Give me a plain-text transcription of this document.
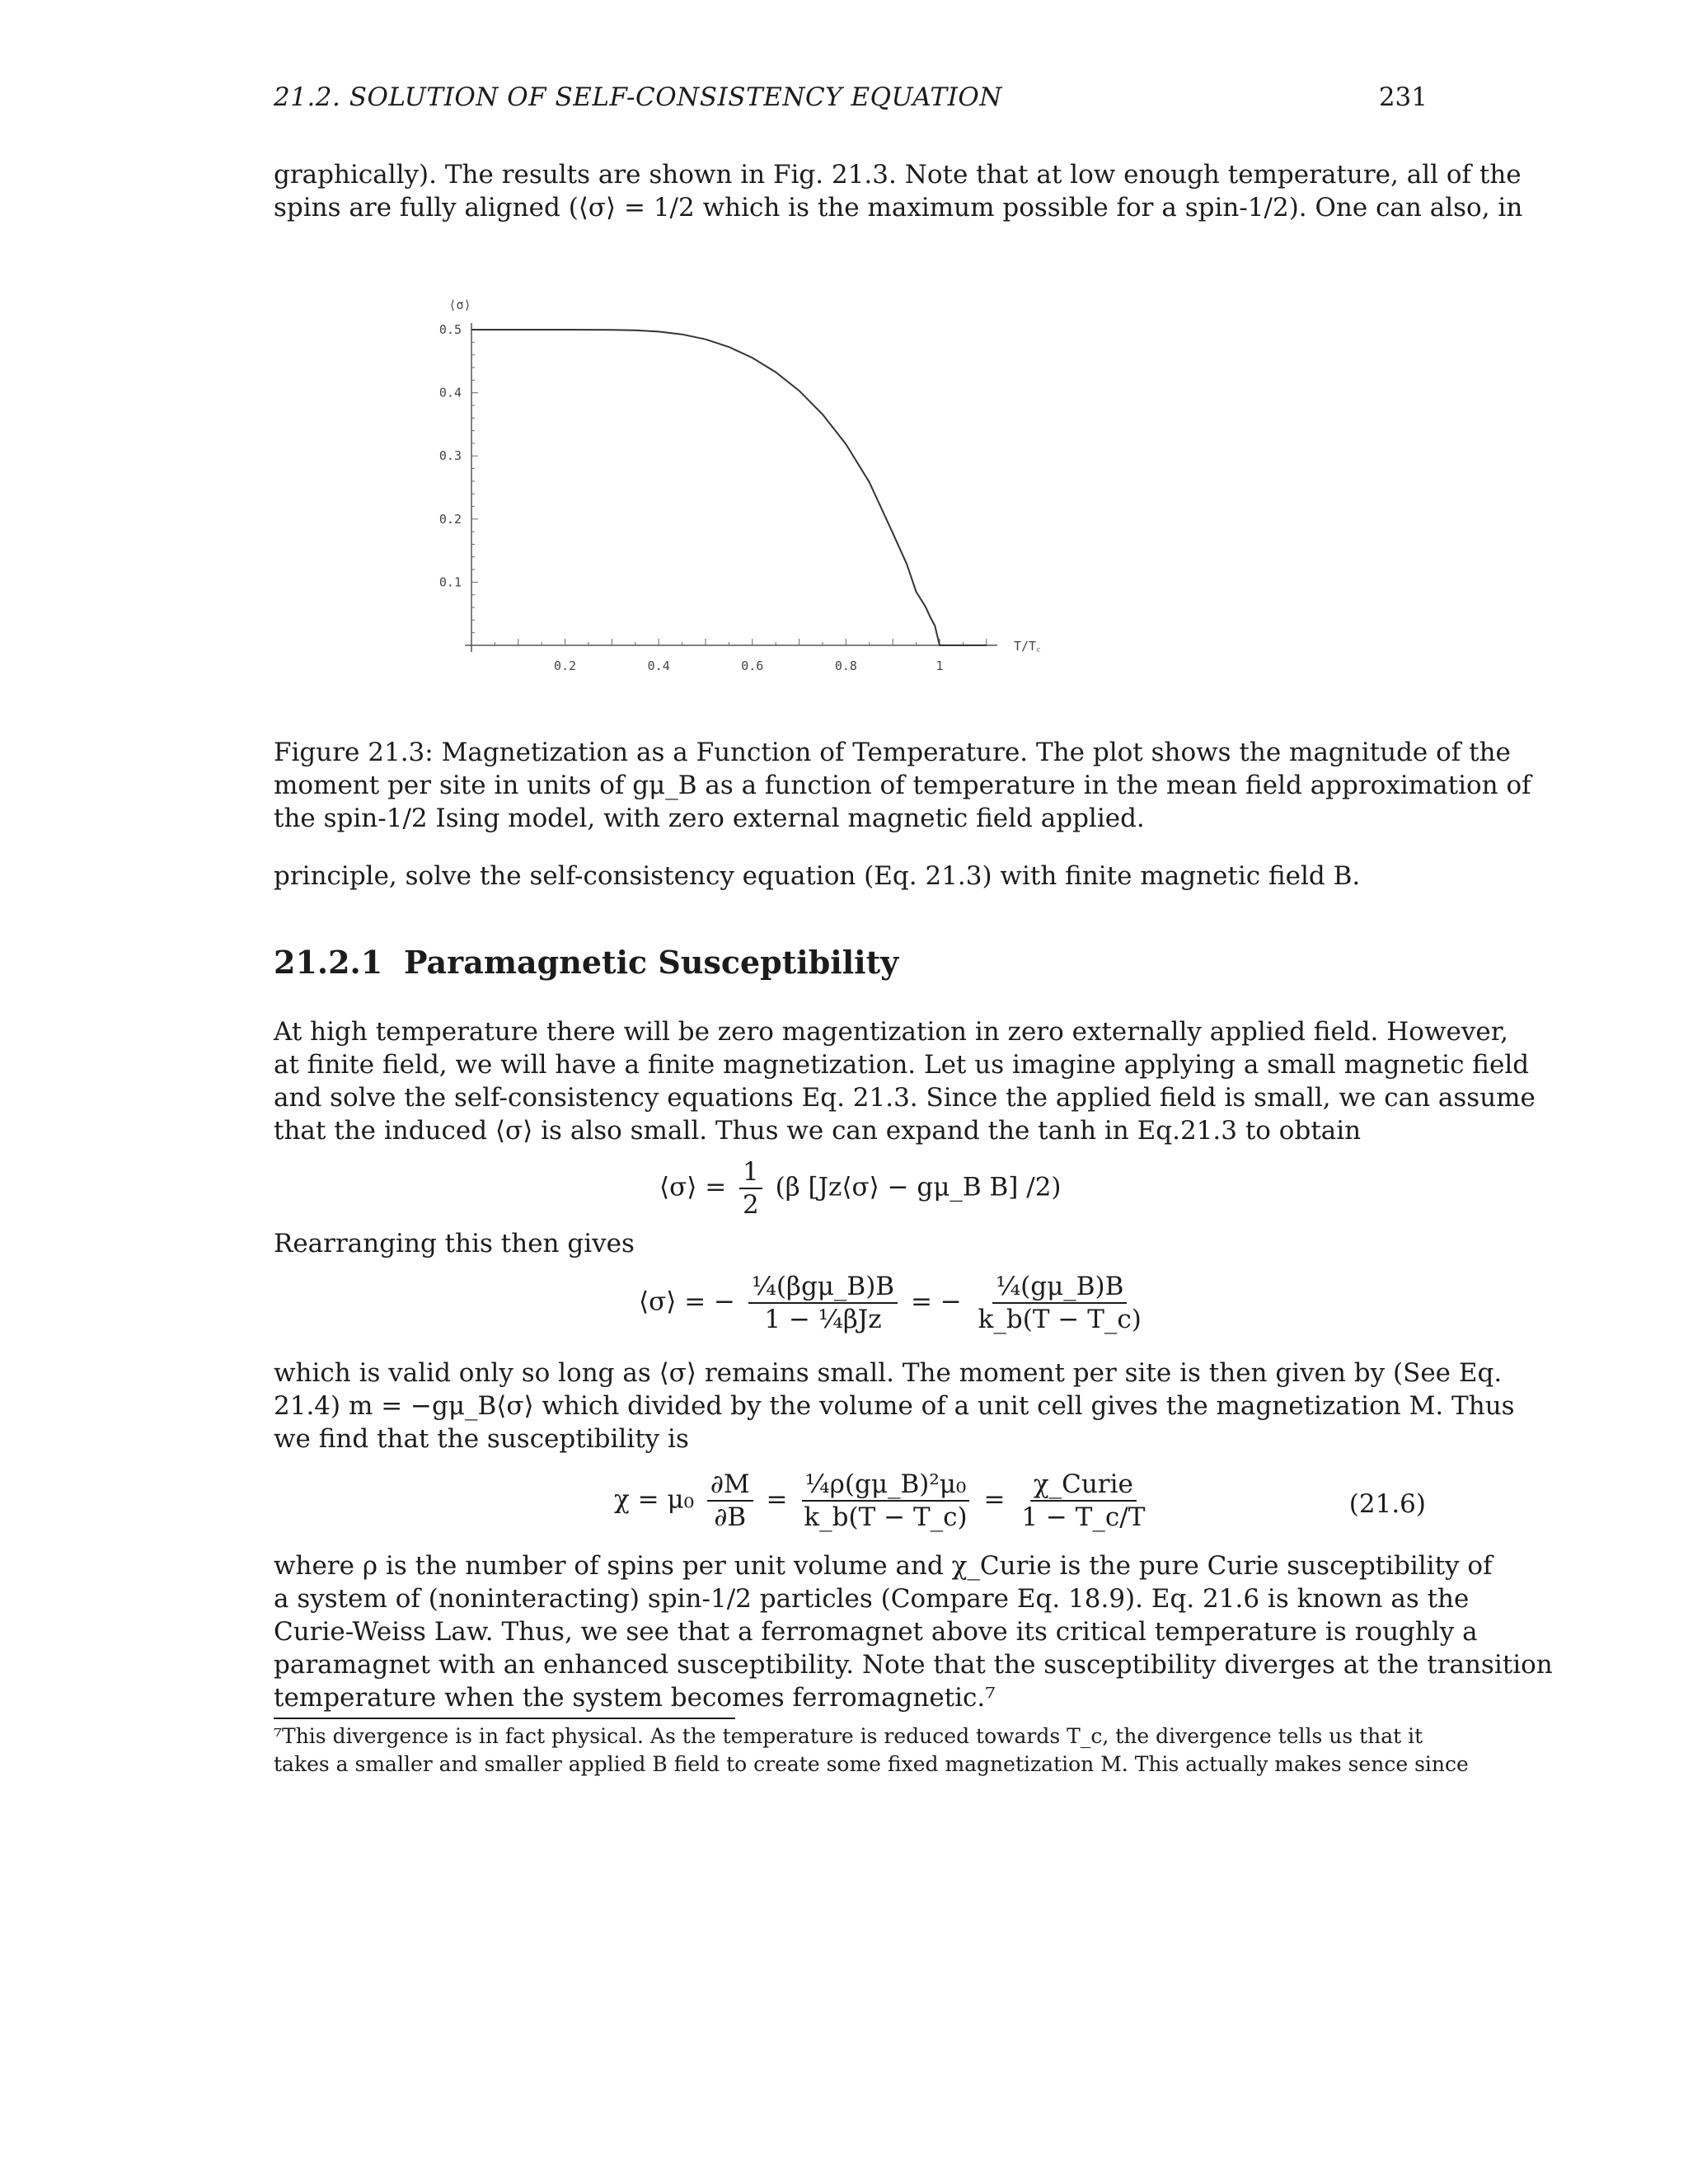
21.2. SOLUTION OF SELF-CONSISTENCY EQUATION	231
graphically). The results are shown in Fig. 21.3. Note that at low enough temperature, all of the
spins are fully aligned (⟨σ⟩ = 1/2 which is the maximum possible for a spin-1/2). One can also, in
0.2	0.4	0.6	0.8	1
0.5
0.4
0.3
0.2
0.1
⟨σ⟩
T/T꜀
Figure 21.3: Magnetization as a Function of Temperature. The plot shows the magnitude of the
moment per site in units of gμ_B as a function of temperature in the mean field approximation of
the spin-1/2 Ising model, with zero external magnetic field applied.
principle, solve the self-consistency equation (Eq. 21.3) with finite magnetic field B.
21.2.1 Paramagnetic Susceptibility
At high temperature there will be zero magentization in zero externally applied field. However,
at finite field, we will have a finite magnetization. Let us imagine applying a small magnetic field
and solve the self-consistency equations Eq. 21.3. Since the applied field is small, we can assume
that the induced ⟨σ⟩ is also small. Thus we can expand the tanh in Eq.21.3 to obtain
⟨σ⟩ = $\frac{1}{2} (\beta$ [Jz⟨σ⟩ − gμ_B B] /2)
Rearranging this then gives
⟨σ⟩ = − $\frac{\text{¼(βgμ\_B)B}}{\text{1 − ¼βJz}}$ = − $\frac{\text{¼(gμ\_B)B}}{k\_b(T - T\_c)}$
which is valid only so long as ⟨σ⟩ remains small. The moment per site is then given by (See Eq.
21.4) m = −gμ_B⟨σ⟩ which divided by the volume of a unit cell gives the magnetization M. Thus
we find that the susceptibility is
$\chi = \mu_0 \frac{\partial M}{\partial B} = \frac{\text{¼ρ(gμ\_B)²μ₀}}{k\_b(T - T\_c)} = \frac{\text{χ\_Curie}}{1 - T\_c/T}$	(21.6)
where ρ is the number of spins per unit volume and χ_Curie is the pure Curie susceptibility of
a system of (noninteracting) spin-1/2 particles (Compare Eq. 18.9). Eq. 21.6 is known as the
Curie-Weiss Law. Thus, we see that a ferromagnet above its critical temperature is roughly a
paramagnet with an enhanced susceptibility. Note that the susceptibility diverges at the transition
temperature when the system becomes ferromagnetic.⁷
⁷This divergence is in fact physical. As the temperature is reduced towards T_c, the divergence tells us that it
takes a smaller and smaller applied B field to create some fixed magnetization M. This actually makes sence since
